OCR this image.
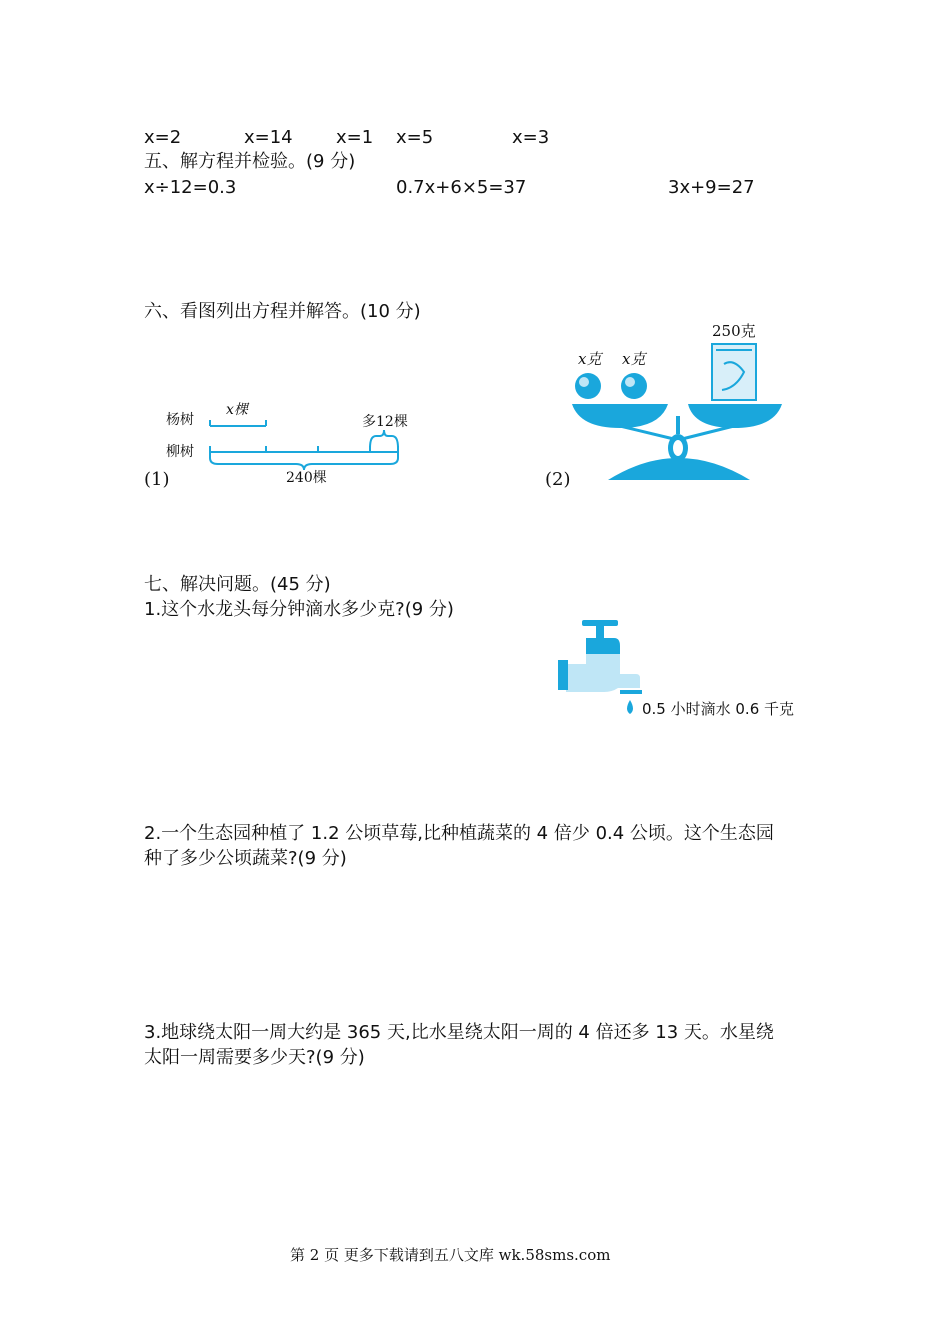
x=2	x=14 x=1 x=5	x=3
五、解方程并检验。(9 分)
x÷12=0.3	0.7x+6×5=37	3x+9=27
六、看图列出方程并解答。(10 分)
杨树
柳树
x棵
多12棵
240棵
(1)
x克 x克
250克
(2)
七、解决问题。(45 分)
1.这个水龙头每分钟滴水多少克?(9 分)
0.5 小时滴水 0.6 千克
2.一个生态园种植了 1.2 公顷草莓,比种植蔬菜的 4 倍少 0.4 公顷。这个生态园
种了多少公顷蔬菜?(9 分)
3.地球绕太阳一周大约是 365 天,比水星绕太阳一周的 4 倍还多 13 天。水星绕
太阳一周需要多少天?(9 分)
第 2 页 更多下载请到五八文库 wk.58sms.com
